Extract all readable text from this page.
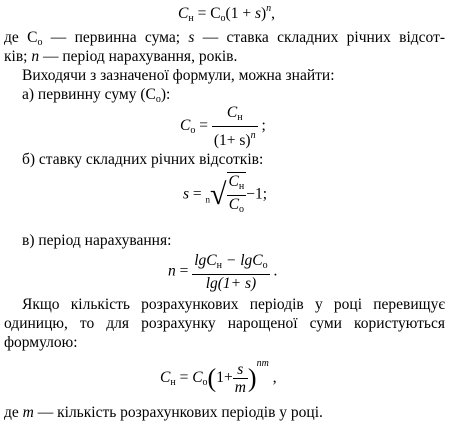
$C_н = C_о(1 + s)^n$,
де $C_о$ — первинна сума; s — ставка складних річних відсот-
ків; n — період нарахування, років.
Виходячи з зазначеної формули, можна знайти:
а) первинну суму $(C_о)$:
$C_о = \frac{C_н}{(1+ s)^n}$ ;
б) ставку складних річних відсотків:
$s = _n√ \frac{C_н}{C_о} -1$;
в) період нарахування:
$n = \frac{\lg C_н - \lg C_о}{\lg(1+ s)}$ .
Якщо кількість розрахункових періодів у році перевищує
одиницю, то для розрахунку нарощеної суми користуються
формулою:
$C_н = C_о(1+ \frac{s}{m} )^{nm}$ ,
де m — кількість розрахункових періодів у році.
